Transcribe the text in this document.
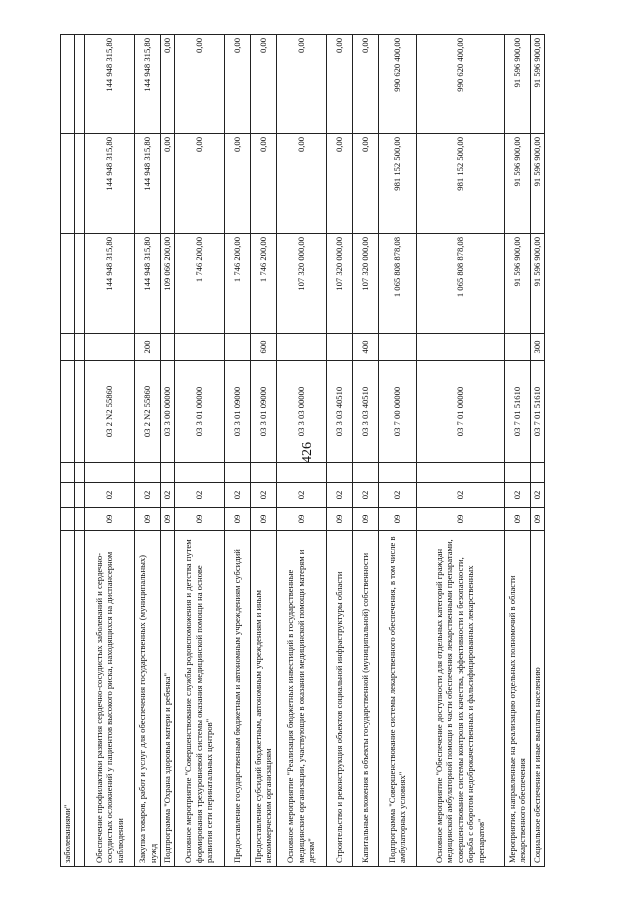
426
заболеваниями"								

Обеспечение профилактики развития сердечно-сосудистых заболеваний и сердечно-сосудистых осложнений у пациентов высокого риска, находящихся на диспансерном наблюдении	09	02		03 2 N2 55860		144 948 315,80	144 948 315,80	144 948 315,80
Закупка товаров, работ и услуг для обеспечения государственных (муниципальных) нужд	09	02		03 2 N2 55860	200	144 948 315,80	144 948 315,80	144 948 315,80
Подпрограмма "Охрана здоровья матери и ребенка"	09	02		03 3 00 00000		109 066 200,00	0,00	0,00
Основное мероприятие "Совершенствование службы родовспоможения и детства путем формирования трехуровневой системы оказания медицинской помощи на основе развития сети перинатальных центров"	09	02		03 3 01 00000		1 746 200,00	0,00	0,00
Предоставление государственным бюджетным и автономным учреждениям субсидий	09	02		03 3 01 09000		1 746 200,00	0,00	0,00
Предоставление субсидий бюджетным, автономным учреждениям и иным некоммерческим организациям	09	02		03 3 01 09000	600	1 746 200,00	0,00	0,00
Основное мероприятие "Реализация бюджетных инвестиций в государственные медицинские организации, участвующие в оказании медицинской помощи матерям и детям"	09	02		03 3 03 00000		107 320 000,00	0,00	0,00
Строительство и реконструкция объектов социальной инфраструктуры области	09	02		03 3 03 40510		107 320 000,00	0,00	0,00
Капитальные вложения в объекты государственной (муниципальной) собственности	09	02		03 3 03 40510	400	107 320 000,00	0,00	0,00
Подпрограмма "Совершенствование системы лекарственного обеспечения, в том числе в амбулаторных условиях"	09	02		03 7 00 00000		1 065 808 878,08	981 152 500,00	990 620 400,00
Основное мероприятие "Обеспечение доступности для отдельных категорий граждан медицинской амбулаторной помощи в части обеспечения лекарственными препаратами, совершенствование системы контроля их качества, эффективности и безопасности, борьба с оборотом недоброкачественных и фальсифицированных лекарственных препаратов"	09	02		03 7 01 00000		1 065 808 878,08	981 152 500,00	990 620 400,00
Мероприятия, направленные на реализацию отдельных полномочий в области лекарственного обеспечения	09	02		03 7 01 51610		91 596 900,00	91 596 900,00	91 596 900,00
Социальное обеспечение и иные выплаты населению	09	02		03 7 01 51610	300	91 596 900,00	91 596 900,00	91 596 900,00
